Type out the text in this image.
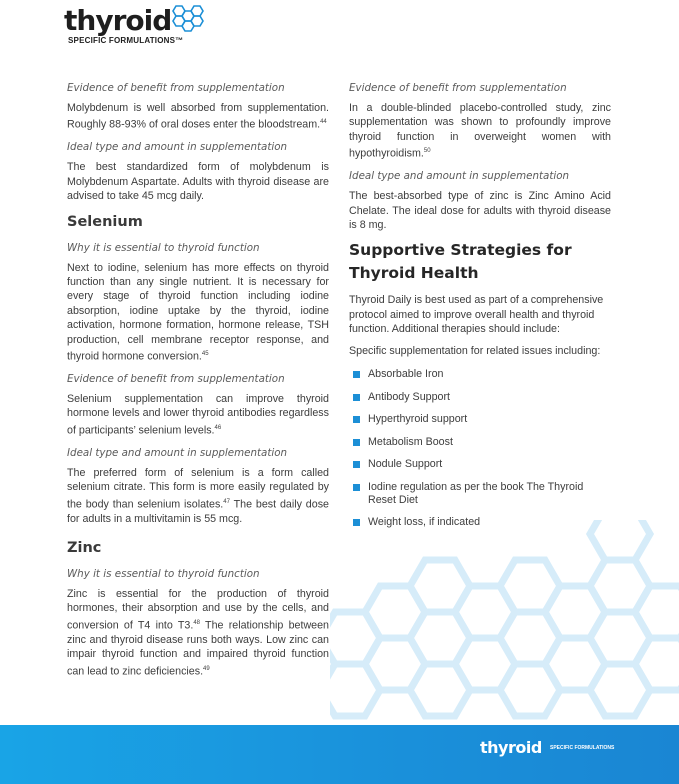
thyroid
SPECIFIC FORMULATIONS™
Evidence of benefit from supplementation

Molybdenum is well absorbed from supplementation. Roughly 88-93% of oral doses enter the bloodstream.$^{44}$

Ideal type and amount in supplementation

The best standardized form of molybdenum is Molybdenum Aspartate. Adults with thyroid disease are advised to take 45 mcg daily.

Selenium
Why it is essential to thyroid function

Next to iodine, selenium has more effects on thyroid function than any single nutrient. It is necessary for every stage of thyroid function including iodine absorption, iodine uptake by the thyroid, iodine activation, hormone formation, hormone release, TSH production, cell membrane receptor response, and thyroid hormone conversion.$^{45}$

Evidence of benefit from supplementation

Selenium supplementation can improve thyroid hormone levels and lower thyroid antibodies regardless of participants’ selenium levels.$^{46}$

Ideal type and amount in supplementation

The preferred form of selenium is a form called selenium citrate. This form is more easily regulated by the body than selenium isolates.$^{47}$ The best daily dose for adults in a multivitamin is 55 mcg.

Zinc
Why it is essential to thyroid function

Zinc is essential for the production of thyroid hormones, their absorption and use by the cells, and conversion of T4 into T3.48 The relationship between zinc and thyroid disease runs both ways. Low zinc can impair thyroid function and impaired thyroid function can lead to zinc deficiencies.$^{49}$

Evidence of benefit from supplementation

In a double-blinded placebo-controlled study, zinc supplementation was shown to profoundly improve thyroid function in overweight women with hypothyroidism.$^{50}$

Ideal type and amount in supplementation

The best-absorbed type of zinc is Zinc Amino Acid Chelate. The ideal dose for adults with thyroid disease is 8 mg.

Supportive Strategies for Thyroid Health

Thyroid Daily is best used as part of a comprehensive protocol aimed to improve overall health and thyroid function. Additional therapies should include:

Specific supplementation for related issues including:

Absorbable Iron
Antibody Support
Hyperthyroid support
Metabolism Boost
Nodule Support
Iodine regulation as per the book The Thyroid Reset Diet
Weight loss, if indicated
thyroid SPECIFIC FORMULATIONS
